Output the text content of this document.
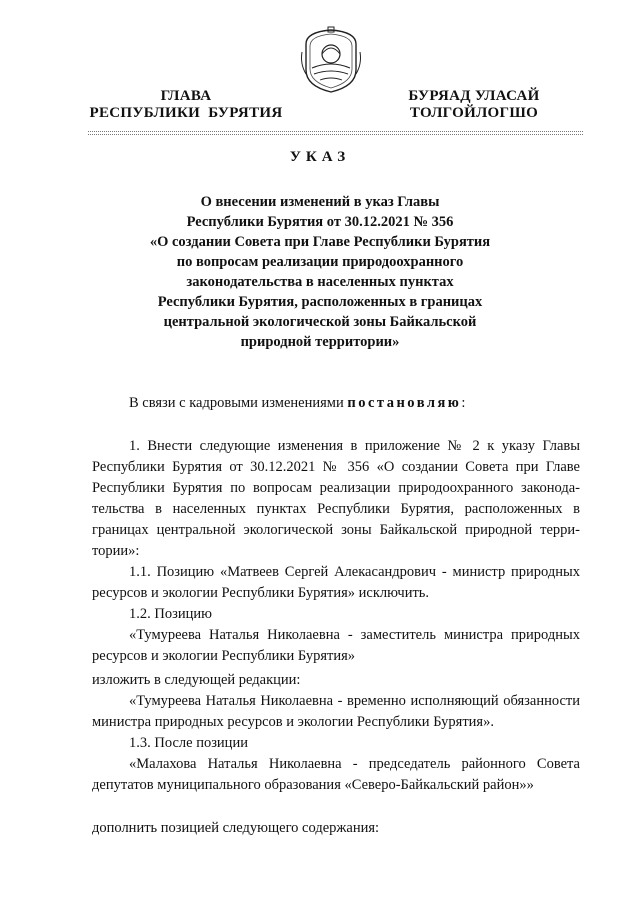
ГЛАВА
РЕСПУБЛИКИ  БУРЯТИЯ
БУРЯАД УЛАСАЙ
ТОЛГОЙЛОГШО
УКАЗ
О внесении изменений в указ Главы
Республики Бурятия от 30.12.2021 № 356
«О создании Совета при Главе Республики Бурятия
по вопросам реализации природоохранного
законодательства в населенных пунктах
Республики Бурятия, расположенных в границах
центральной экологической зоны Байкальской
природной территории»

В связи с кадровыми изменениями постановляю:

1. Внести следующие изменения в приложение № 2 к указу Главы Республики Бурятия от 30.12.2021 № 356 «О создании Совета при Главе Республики Бурятия по вопросам реализации природоохранного законодательства в населенных пунктах Республики Бурятия, расположенных в границах центральной экологической зоны Байкальской природной территории»:

1.1. Позицию «Матвеев Сергей Алекасандрович - министр природных ресурсов и экологии Республики Бурятия» исключить.

1.2. Позицию

«Тумуреева Наталья Николаевна - заместитель министра природных ресурсов и экологии Республики Бурятия»

изложить в следующей редакции:

«Тумуреева Наталья Николаевна - временно исполняющий обязанности министра природных ресурсов и экологии Республики Бурятия».

1.3. После позиции

«Малахова Наталья Николаевна - председатель районного Совета депутатов муниципального образования «Северо-Байкальский район»»

дополнить позицией следующего содержания:
